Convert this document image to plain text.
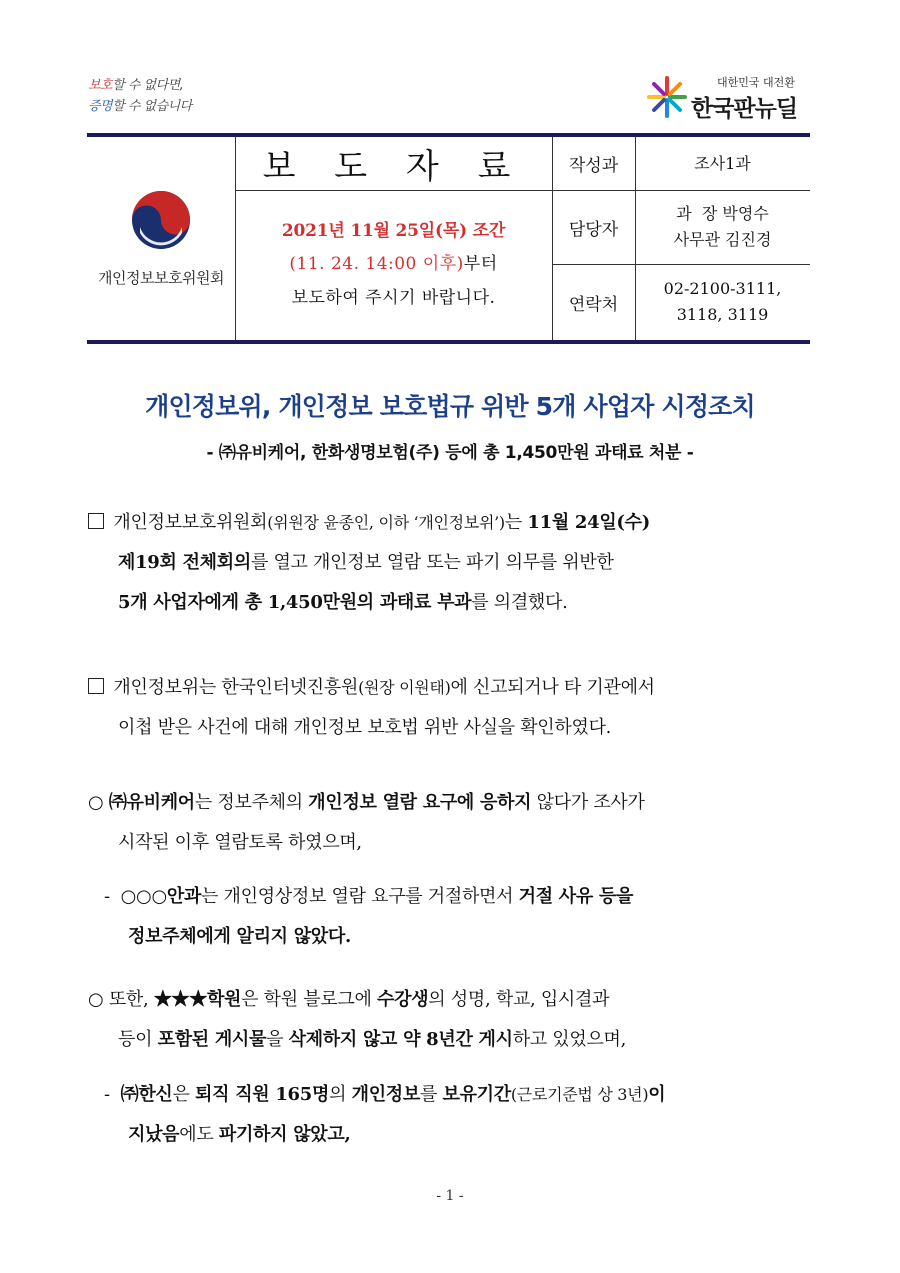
보호할 수 없다면,
증명할 수 없습니다
대한민국 대전환
한국판뉴딜
개인정보보호위원회
보 도 자 료
2021년 11월 25일(목) 조간
(11. 24. 14:00 이후)부터
보도하여 주시기 바랍니다.
작성과
담당자
연락처
조사1과
과  장 박영수
사무관 김진경
02-2100-3111,
3118, 3119
개인정보위, 개인정보 보호법규 위반 5개 사업자 시정조치
- ㈜유비케어, 한화생명보험(주) 등에 총 1,450만원 과태료 처분 -
개인정보보호위원회(위원장 윤종인, 이하 ‘개인정보위’)는 11월 24일(수)
제19회 전체회의를 열고 개인정보 열람 또는 파기 의무를 위반한
5개 사업자에게 총 1,450만원의 과태료 부과를 의결했다.
개인정보위는 한국인터넷진흥원(원장 이원태)에 신고되거나 타 기관에서
이첩 받은 사건에 대해 개인정보 보호법 위반 사실을 확인하였다.
○ ㈜유비케어는 정보주체의 개인정보 열람 요구에 응하지 않다가 조사가
시작된 이후 열람토록 하였으며,
- ○○○안과는 개인영상정보 열람 요구를 거절하면서 거절 사유 등을
정보주체에게 알리지 않았다.
○ 또한, ★★★학원은 학원 블로그에 수강생의 성명, 학교, 입시결과
등이 포함된 게시물을 삭제하지 않고 약 8년간 게시하고 있었으며,
- ㈜한신은 퇴직 직원 165명의 개인정보를 보유기간(근로기준법 상 3년)이
지났음에도 파기하지 않았고,
- 1 -
